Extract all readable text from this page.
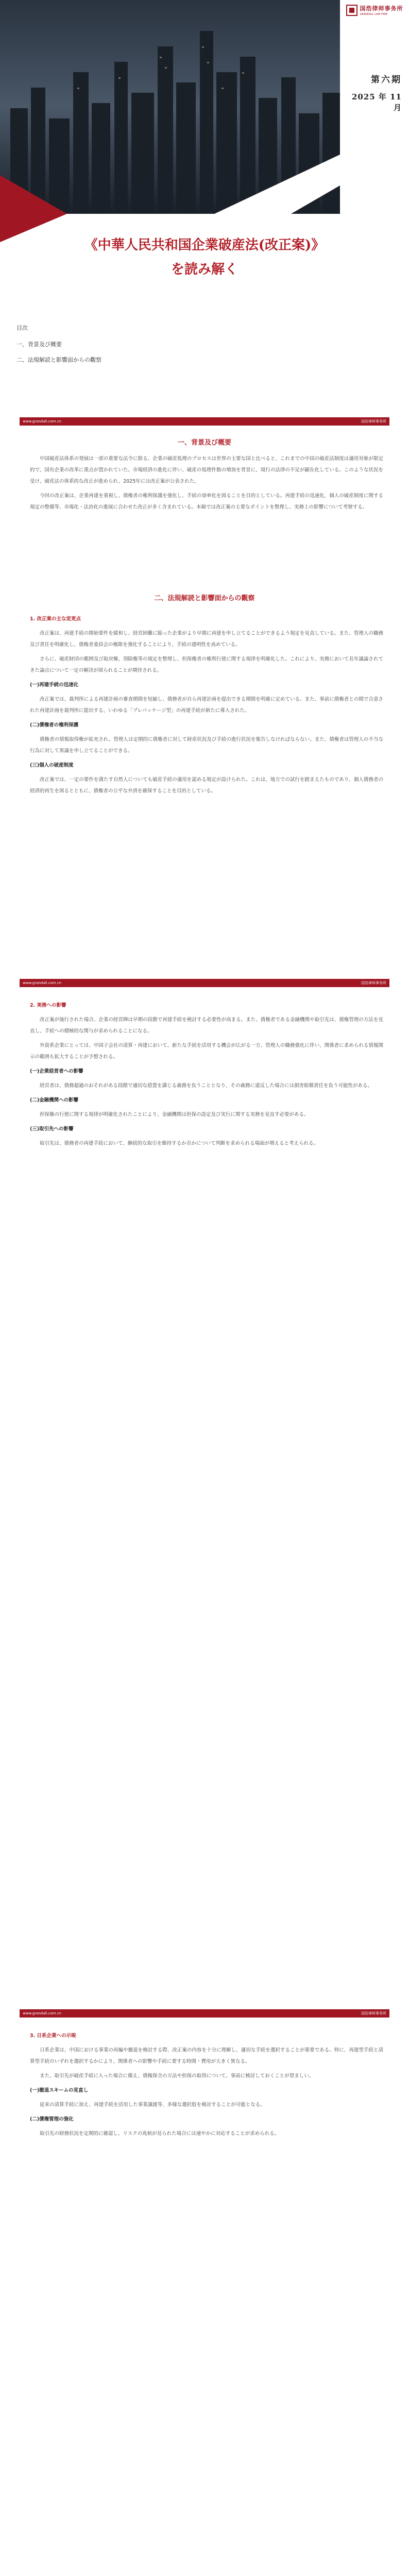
国浩律师事务所
GRANDALL LAW FIRM
第六期
2025 年 11 月
《中華人民共和国企業破産法(改正案)》
を読み解く
目次
一、背景及び概要
二、法規解読と影響面からの觀察
www.grandall.com.cn	国浩律师事务所
一、背景及び概要

中国破産法体系の発展は一部の重要な法令に限る。企業の破産処理のプロセスは世界の主要な国と比べると、これまでの中国の破産法制度は適用対象が限定的で、国有企業の改革に重点が置かれていた。市場経済の進化に伴い、破産の処理件数の増加を背景に、現行の法律の不足が顕在化している。このような状況を受け、破産法の体系的な改正が進められ、2025年には改正案が公表された。

今回の改正案は、企業再建を重視し、債権者の権利保護を強化し、手続の効率化を図ることを目的としている。再建手続の迅速化、個人の破産制度に関する規定の整備等、市場化・法治化の進展に合わせた改正が多く含まれている。本稿では改正案の主要なポイントを整理し、実務上の影響について考察する。

二、法規解読と影響面からの觀察

1. 改正案の主な変更点

改正案は、再建手続の開始要件を緩和し、経営困難に陥った企業がより早期に再建を申し立てることができるよう規定を見直している。また、管理人の職務及び責任を明確化し、債権者委員会の権限を強化することにより、手続の透明性を高めている。

さらに、破産財団の範囲及び取戻権、別除権等の規定を整理し、担保権者の権利行使に関する規律を明確化した。これにより、実務において長年議論されてきた論点について一定の解決が図られることが期待される。

(一)再建手続の迅速化

改正案では、裁判所による再建計画の審査期間を短縮し、債務者が自ら再建計画を提出できる期間を明確に定めている。また、事前に債権者との間で合意された再建計画を裁判所に提出する、いわゆる「プレパッケージ型」の再建手続が新たに導入された。

(二)債権者の権利保護

債権者の情報取得権が拡充され、管理人は定期的に債権者に対して財産状況及び手続の進行状況を報告しなければならない。また、債権者は管理人の不当な行為に対して異議を申し立てることができる。

(三)個人の破産制度

改正案では、一定の要件を満たす自然人についても破産手続の適用を認める規定が設けられた。これは、地方での試行を踏まえたものであり、個人債務者の経済的再生を図るとともに、債権者の公平な弁済を確保することを目的としている。

www.grandall.com.cn	国浩律师事务所

2. 実務への影響

改正案が施行された場合、企業の経営陣は早期の段階で再建手続を検討する必要性が高まる。また、債権者である金融機関や取引先は、債権管理の方法を見直し、手続への積極的な関与が求められることになる。

外資系企業にとっては、中国子会社の清算・再建において、新たな手続を活用する機会が広がる一方、管理人の職務強化に伴い、関係者に求められる情報開示の範囲も拡大することが予想される。

(一)企業経営者への影響

経営者は、債務超過のおそれがある段階で適切な措置を講じる義務を負うこととなり、その義務に違反した場合には損害賠償責任を負う可能性がある。

(二)金融機関への影響

担保権の行使に関する規律が明確化されたことにより、金融機関は担保の設定及び実行に関する実務を見直す必要がある。

(三)取引先への影響

取引先は、債務者の再建手続において、継続的な取引を維持するか否かについて判断を求められる場面が増えると考えられる。

www.grandall.com.cn	国浩律师事务所

3. 日系企業への示唆

日系企業は、中国における事業の再編や撤退を検討する際、改正案の内容を十分に理解し、適切な手続を選択することが重要である。特に、再建型手続と清算型手続のいずれを選択するかにより、関係者への影響や手続に要する時間・費用が大きく異なる。

また、取引先が破産手続に入った場合に備え、債権保全の方法や担保の取得について、事前に検討しておくことが望ましい。

(一)撤退スキームの見直し

従来の清算手続に加え、再建手続を活用した事業譲渡等、多様な選択肢を検討することが可能となる。

(二)債権管理の強化

取引先の財務状況を定期的に確認し、リスクの兆候が見られた場合には速やかに対応することが求められる。
